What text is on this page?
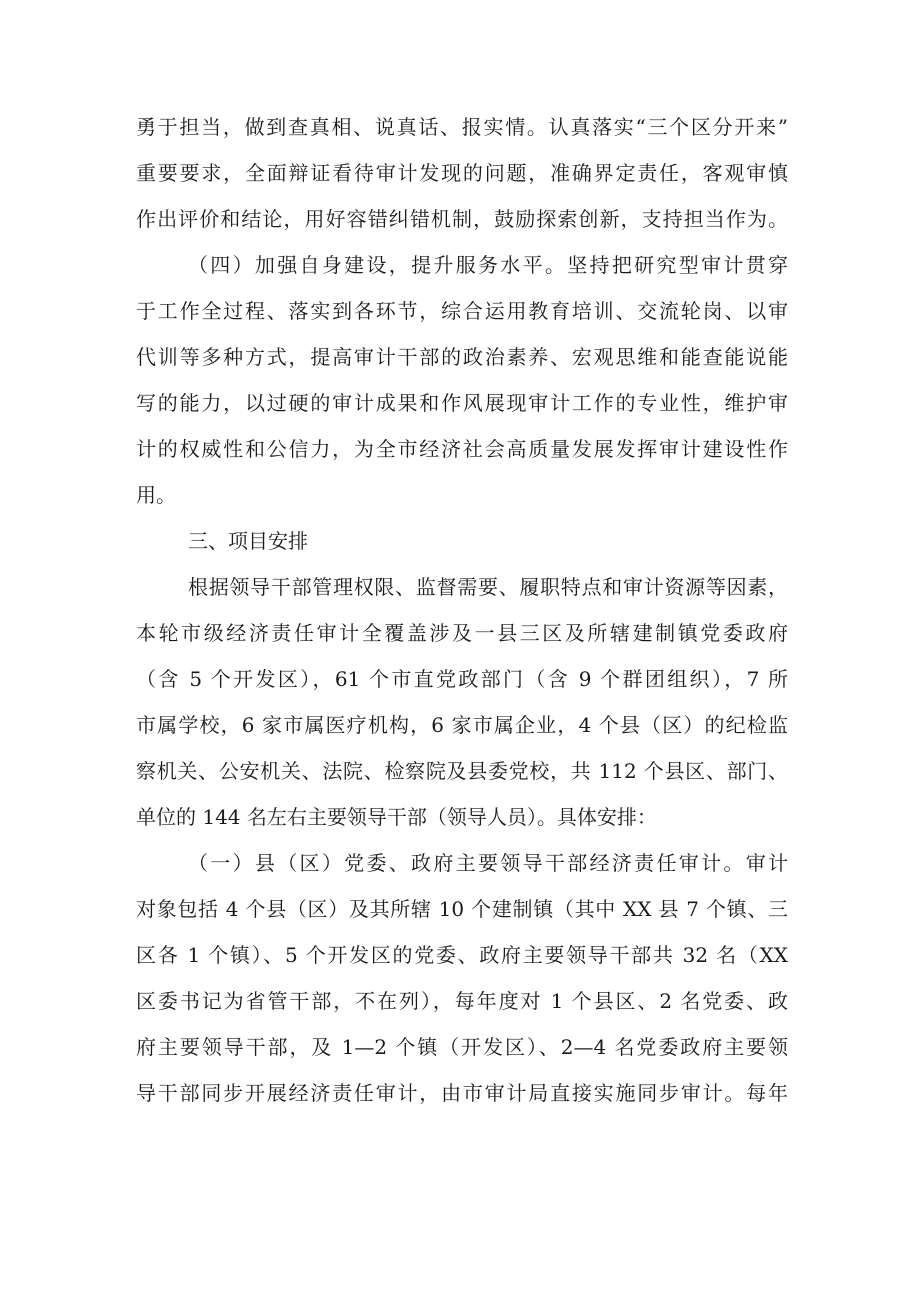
勇于担当，做到查真相、说真话、报实情。认真落实“三个区分开来”
重要要求，全面辩证看待审计发现的问题，准确界定责任，客观审慎
作出评价和结论，用好容错纠错机制，鼓励探索创新，支持担当作为。
（四）加强自身建设，提升服务水平。坚持把研究型审计贯穿
于工作全过程、落实到各环节，综合运用教育培训、交流轮岗、以审
代训等多种方式，提高审计干部的政治素养、宏观思维和能查能说能
写的能力，以过硬的审计成果和作风展现审计工作的专业性，维护审
计的权威性和公信力，为全市经济社会高质量发展发挥审计建设性作
用。
三、项目安排
根据领导干部管理权限、监督需要、履职特点和审计资源等因素，
本轮市级经济责任审计全覆盖涉及一县三区及所辖建制镇党委政府
（含 5 个开发区），61 个市直党政部门（含 9 个群团组织），7 所
市属学校，6 家市属医疗机构，6 家市属企业，4 个县（区）的纪检监
察机关、公安机关、法院、检察院及县委党校，共 112 个县区、部门、
单位的 144 名左右主要领导干部（领导人员）。具体安排：
（一）县（区）党委、政府主要领导干部经济责任审计。审计
对象包括 4 个县（区）及其所辖 10 个建制镇（其中 XX 县 7 个镇、三
区各 1 个镇）、5 个开发区的党委、政府主要领导干部共 32 名（XX
区委书记为省管干部，不在列），每年度对 1 个县区、2 名党委、政
府主要领导干部，及 1—2 个镇（开发区）、2—4 名党委政府主要领
导干部同步开展经济责任审计，由市审计局直接实施同步审计。每年
